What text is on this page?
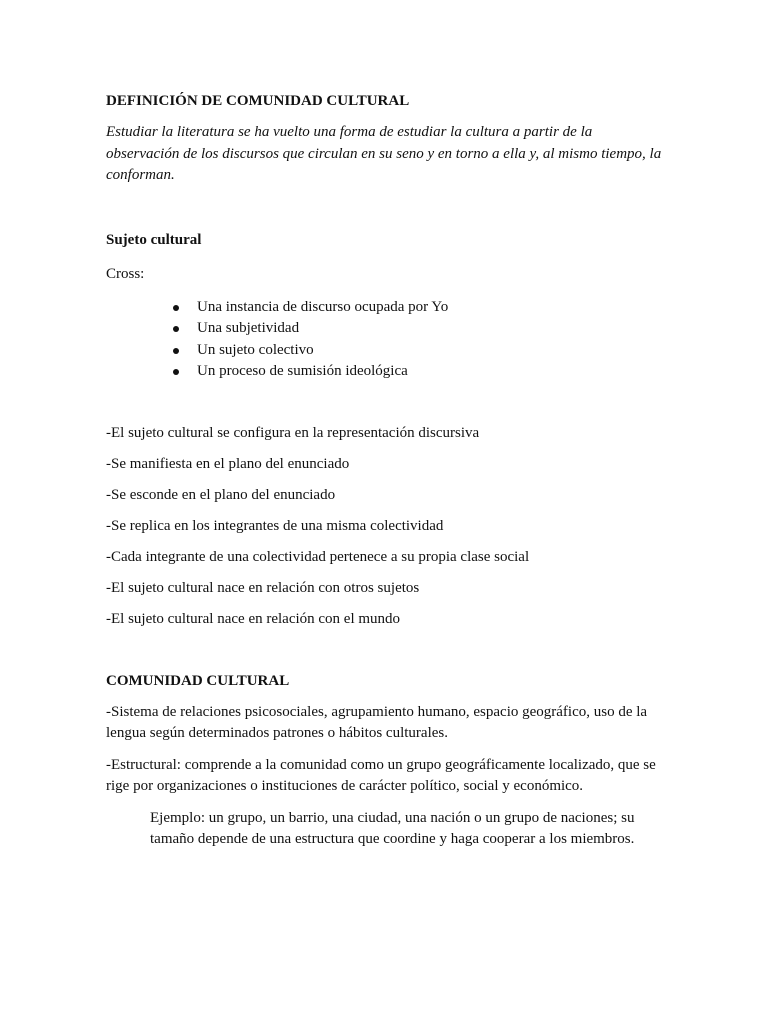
DEFINICIÓN DE COMUNIDAD CULTURAL

Estudiar la literatura se ha vuelto una forma de estudiar la cultura a partir de la observación de los discursos que circulan en su seno y en torno a ella y, al mismo tiempo, la conforman.

Sujeto cultural

Cross:

Una instancia de discurso ocupada por Yo
Una subjetividad
Un sujeto colectivo
Un proceso de sumisión ideológica

-El sujeto cultural se configura en la representación discursiva

-Se manifiesta en el plano del enunciado

-Se esconde en el plano del enunciado

-Se replica en los integrantes de una misma colectividad

-Cada integrante de una colectividad pertenece a su propia clase social

-El sujeto cultural nace en relación con otros sujetos

-El sujeto cultural nace en relación con el mundo

COMUNIDAD CULTURAL

-Sistema de relaciones psicosociales, agrupamiento humano, espacio geográfico, uso de la lengua según determinados patrones o hábitos culturales.

-Estructural: comprende a la comunidad como un grupo geográficamente localizado, que se rige por organizaciones o instituciones de carácter político, social y económico.

Ejemplo: un grupo, un barrio, una ciudad, una nación o un grupo de naciones; su tamaño depende de una estructura que coordine y haga cooperar a los miembros.
